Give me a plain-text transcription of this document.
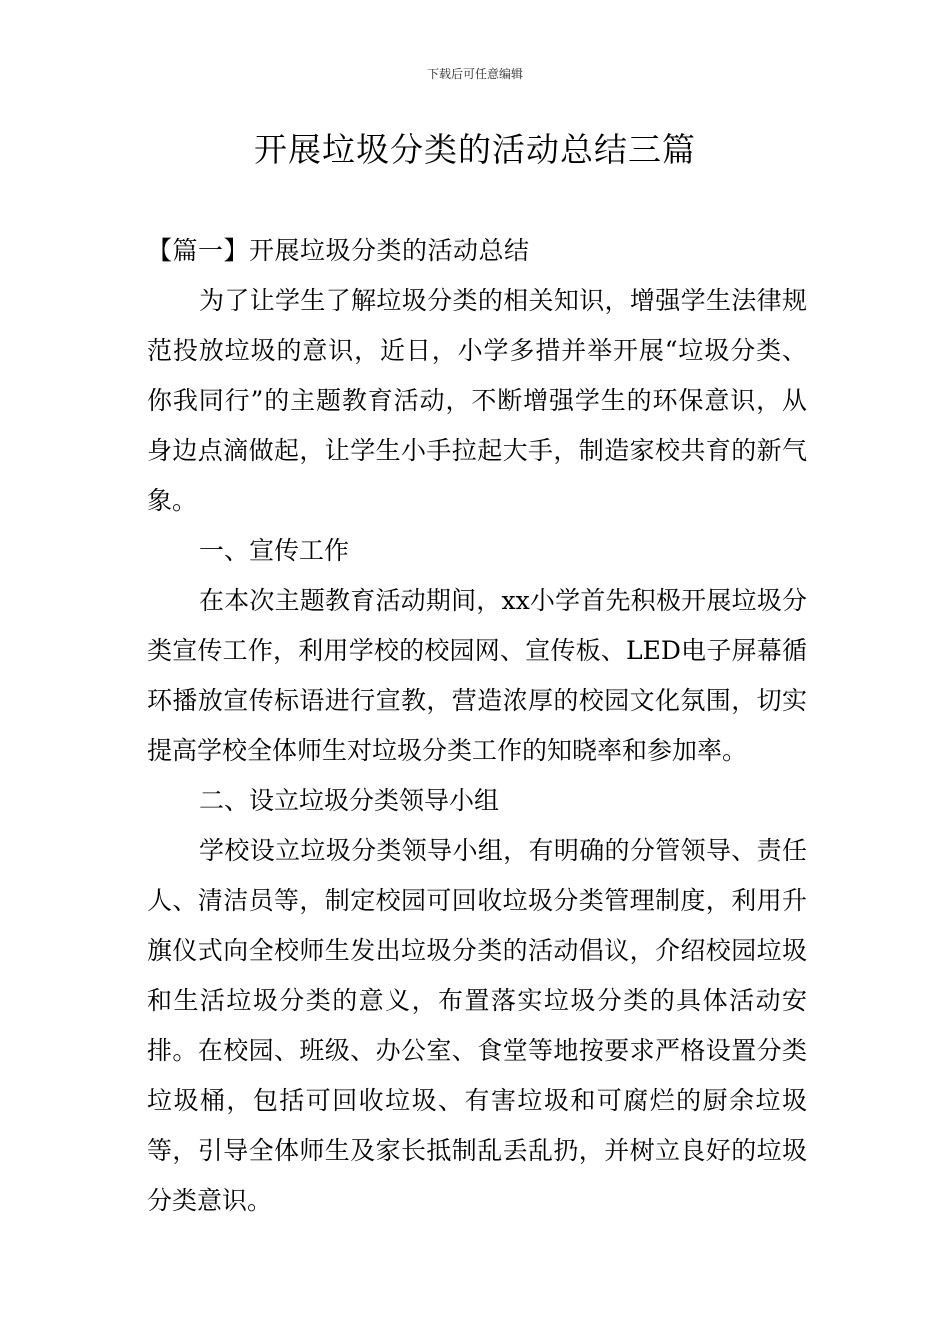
下载后可任意编辑
开展垃圾分类的活动总结三篇
【篇一】开展垃圾分类的活动总结

为了让学生了解垃圾分类的相关知识，增强学生法律规范投放垃圾的意识，近日，小学多措并举开展“垃圾分类、你我同行”的主题教育活动，不断增强学生的环保意识，从身边点滴做起，让学生小手拉起大手，制造家校共育的新气象。

一、宣传工作

在本次主题教育活动期间，xx小学首先积极开展垃圾分类宣传工作，利用学校的校园网、宣传板、LED电子屏幕循环播放宣传标语进行宣教，营造浓厚的校园文化氛围，切实提高学校全体师生对垃圾分类工作的知晓率和参加率。

二、设立垃圾分类领导小组

学校设立垃圾分类领导小组，有明确的分管领导、责任人、清洁员等，制定校园可回收垃圾分类管理制度，利用升旗仪式向全校师生发出垃圾分类的活动倡议，介绍校园垃圾和生活垃圾分类的意义，布置落实垃圾分类的具体活动安排。在校园、班级、办公室、食堂等地按要求严格设置分类垃圾桶，包括可回收垃圾、有害垃圾和可腐烂的厨余垃圾等，引导全体师生及家长抵制乱丢乱扔，并树立良好的垃圾分类意识。
